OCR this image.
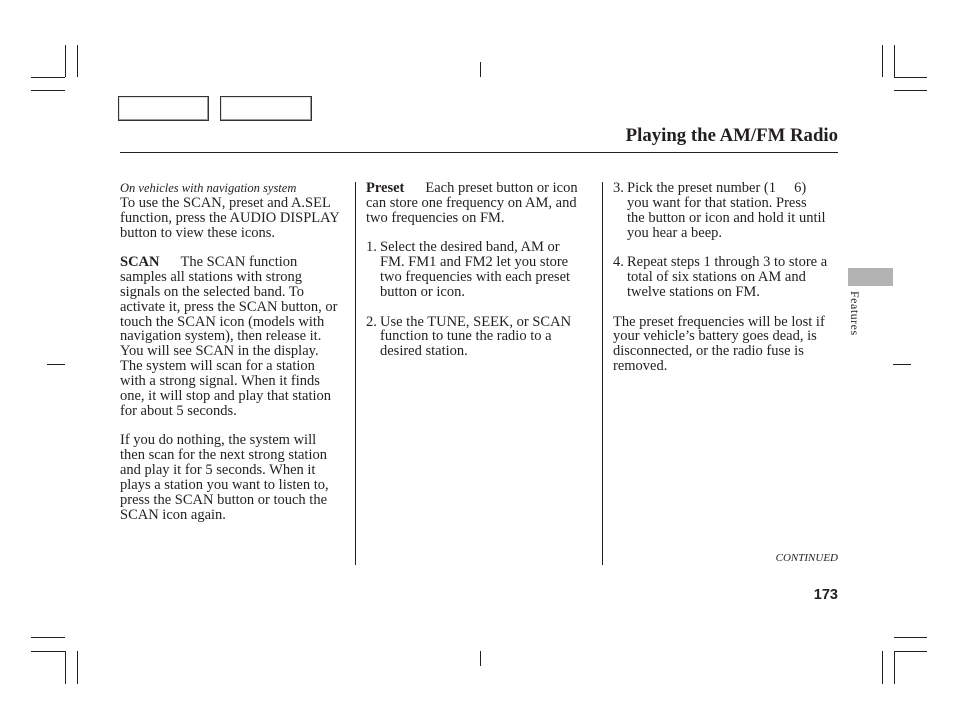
Playing the AM/FM Radio
On vehicles with navigation system

To use the SCAN, preset and A.SEL
function, press the AUDIO DISPLAY
button to view these icons.

SCAN The SCAN function
samples all stations with strong
signals on the selected band. To
activate it, press the SCAN button, or
touch the SCAN icon (models with
navigation system), then release it.
You will see SCAN in the display.
The system will scan for a station
with a strong signal. When it finds
one, it will stop and play that station
for about 5 seconds.

If you do nothing, the system will
then scan for the next strong station
and play it for 5 seconds. When it
plays a station you want to listen to,
press the SCAN button or touch the
SCAN icon again.

Preset Each preset button or icon
can store one frequency on AM, and
two frequencies on FM.

1. Select the desired band, AM or
FM. FM1 and FM2 let you store
two frequencies with each preset
button or icon.
2. Use the TUNE, SEEK, or SCAN
function to tune the radio to a
desired station.
3. Pick the preset number (1     6)
you want for that station. Press
the button or icon and hold it until
you hear a beep.
4. Repeat steps 1 through 3 to store a
total of six stations on AM and
twelve stations on FM.

The preset frequencies will be lost if
your vehicle’s battery goes dead, is
disconnected, or the radio fuse is
removed.

Features
CONTINUED
173
